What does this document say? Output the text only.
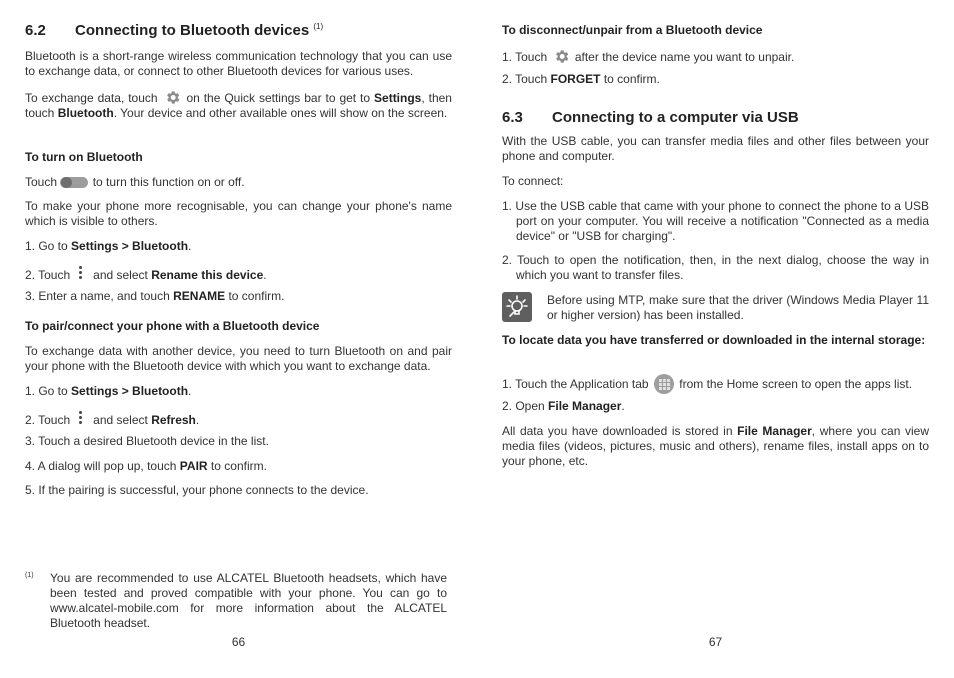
6.2 Connecting to Bluetooth devices $^{(1)}$
Bluetooth is a short-range wireless communication technology that you can use to exchange data, or connect to other Bluetooth devices for various uses.
To exchange data, touch on the Quick settings bar to get to Settings, then touch Bluetooth. Your device and other available ones will show on the screen.
To turn on Bluetooth
Touch	to turn this function on or off.
To make your phone more recognisable, you can change your phone's name which is visible to others.
1. Go to Settings > Bluetooth.
2. Touch and select Rename this device.
3. Enter a name, and touch RENAME to confirm.
To pair/connect your phone with a Bluetooth device
To exchange data with another device, you need to turn Bluetooth on and pair your phone with the Bluetooth device with which you want to exchange data.
1. Go to Settings > Bluetooth.
2. Touch and select Refresh.
3. Touch a desired Bluetooth device in the list.
4. A dialog will pop up, touch PAIR to confirm.
5. If the pairing is successful, your phone connects to the device.
(1) You are recommended to use ALCATEL Bluetooth headsets, which have been tested and proved compatible with your phone. You can go to www.alcatel-mobile.com for more information about the ALCATEL Bluetooth headset.
66
To disconnect/unpair from a Bluetooth device
1. Touch after the device name you want to unpair.
2. Touch FORGET to confirm.
6.3 Connecting to a computer via USB
With the USB cable, you can transfer media files and other files between your phone and computer.
To connect:
1. Use the USB cable that came with your phone to connect the phone to a USB port on your computer. You will receive a notification "Connected as a media device" or "USB for charging".
2. Touch to open the notification, then, in the next dialog, choose the way in which you want to transfer files.
Before using MTP, make sure that the driver (Windows Media Player 11 or higher version) has been installed.
To locate data you have transferred or downloaded in the internal storage:
1. Touch the Application tab	from the Home screen to open the apps list.
2. Open File Manager.
All data you have downloaded is stored in File Manager, where you can view media files (videos, pictures, music and others), rename files, install apps on to your phone, etc.
67
